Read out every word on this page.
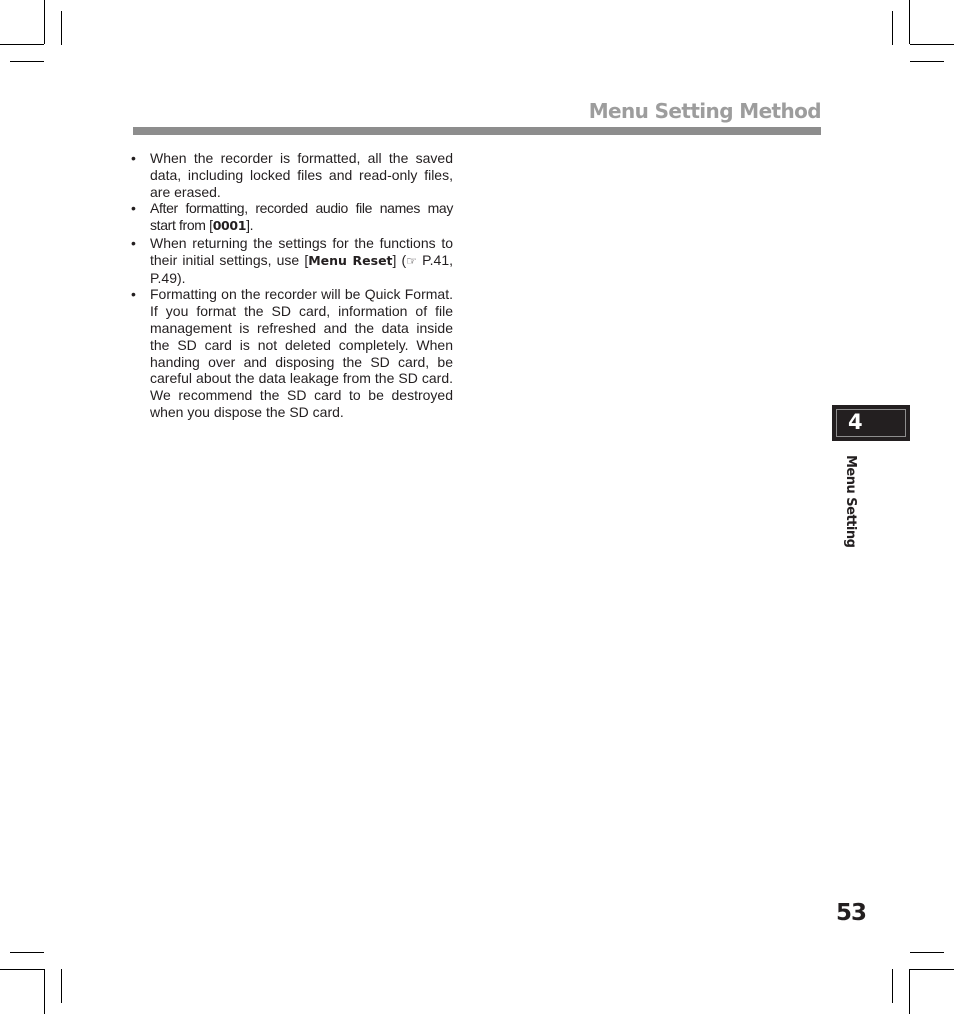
Menu Setting Method
•	When the recorder is formatted, all the saved data, including locked files and read-only files, are erased.
•	After formatting, recorded audio file names may start from [0001].
•	When returning the settings for the functions to their initial settings, use [Menu Reset] (☞ P.41, P.49).
•	Formatting on the recorder will be Quick Format. If you format the SD card, information of file management is refreshed and the data inside the SD card is not deleted completely. When handing over and disposing the SD card, be careful about the data leakage from the SD card. We recommend the SD card to be destroyed when you dispose the SD card.	4
Menu Setting
53
